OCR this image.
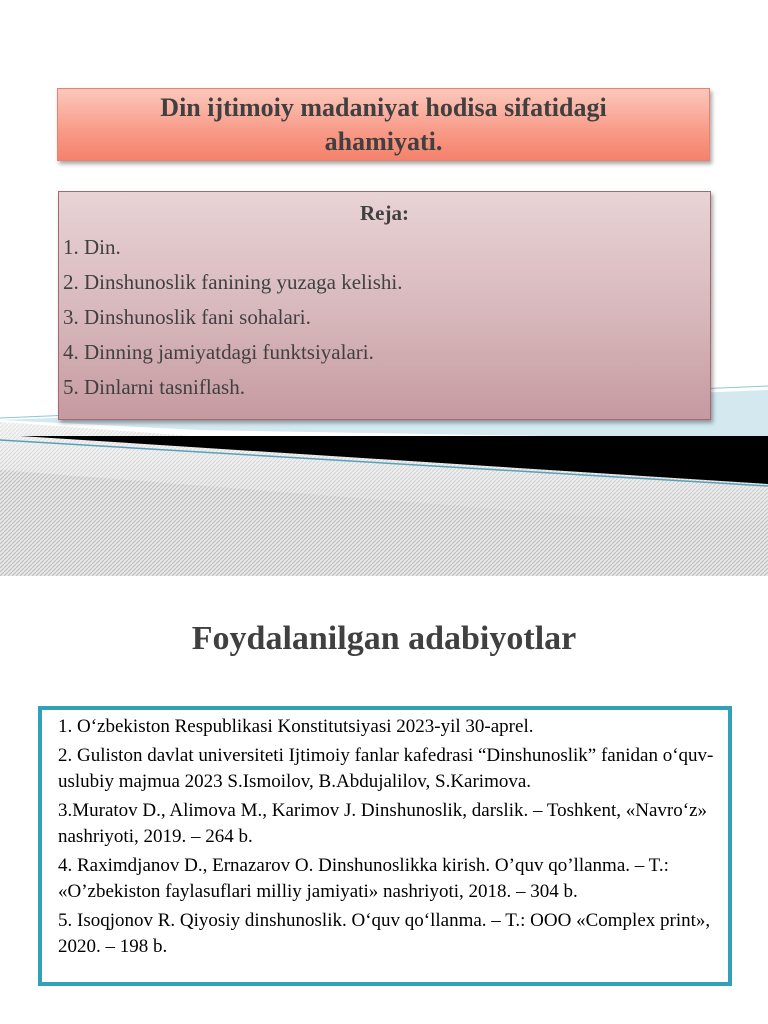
Din ijtimoiy madaniyat hodisa sifatidagi ahamiyati.
Reja:
1. Din.
2. Dinshunoslik fanining yuzaga kelishi.
3. Dinshunoslik fani sohalari.
4. Dinning jamiyatdagi funktsiyalari.
5. Dinlarni tasniflash.
Foydalanilgan adabiyotlar
1. O‘zbekiston Respublikasi Konstitutsiyasi 2023-yil 30-aprel.
2. Guliston davlat universiteti Ijtimoiy fanlar kafedrasi “Dinshunoslik” fanidan o‘quv-uslubiy majmua 2023 S.Ismoilov, B.Abdujalilov, S.Karimova.
3.Muratov D., Alimova M., Karimov J. Dinshunoslik, darslik. – Toshkent, «Navro‘z» nashriyoti, 2019. – 264 b.
4. Raximdjanov D., Ernazarov O. Dinshunoslikka kirish. O’quv qo’llanma. – T.: «O’zbekiston faylasuflari milliy jamiyati» nashriyoti, 2018. – 304 b.
5. Isoqjonov R. Qiyosiy dinshunoslik. O‘quv qo‘llanma. – T.: OOO «Complex print», 2020. – 198 b.
